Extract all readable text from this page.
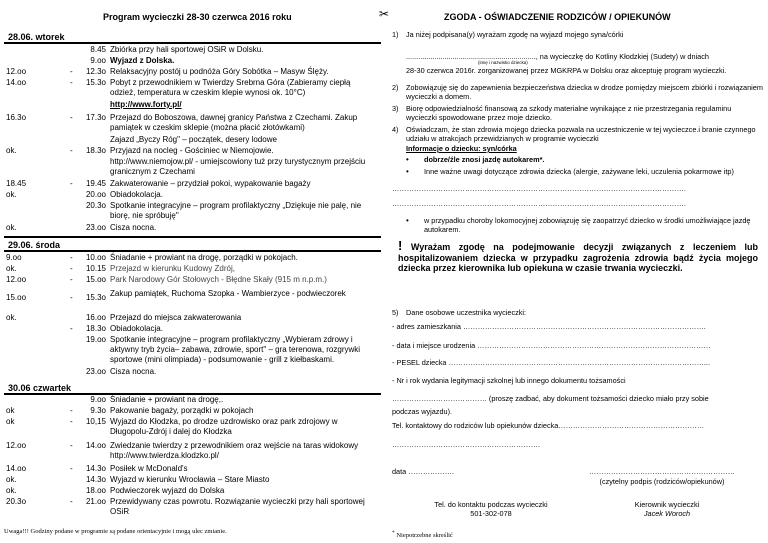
Program wycieczki 28-30 czerwca 2016 roku
28.06. wtorek
8.45 Zbiórka przy hali sportowej OSiR w Dolsku.
9.oo Wyjazd z Dolska.
12.oo	-	12.3o Relaksacyjny postój u podnóża Góry Sobótka – Masyw Ślęży.
14.oo	-	15.3o Pobyt z przewodnikiem w Twierdzy Srebrna Góra (Zabieramy ciepłą odzież, temperatura w czeskim klepie wynosi ok. 10°C)
http://www.forty.pl/
16.3o	-	17.3o Przejazd do Boboszowa, dawnej granicy Państwa z Czechami. Zakup pamiątek w czeskim sklepie (można płacić złotówkami)
Zajazd „Byczy Róg" – początek, desery lodowe
ok.	-	18.3o Przyjazd na nocleg - Gościniec w Niemojowie.
http://www.niemojow.pl/ - umiejscowiony tuż przy turystycznym przejściu granicznym z Czechami
18.45	-	19.45 Zakwaterowanie – przydział pokoi, wypakowanie bagaży
ok.	20.oo Obiadokolacja.
20.3o Spotkanie integracyjne – program profilaktyczny „Dziękuje nie palę, nie biorę, nie spróbuję"
ok.	23.oo Cisza nocna.
29.06. środa
9.oo	-	10.oo Śniadanie + prowiant na drogę, porządki w pokojach.
ok.	-	10.15 Przejazd w kierunku Kudowy Zdrój,
12.oo	-	15.oo Park Narodowy Gór Stołowych - Błędne Skały (915 m n.p.m.)
15.oo	-	15.3o Zakup pamiątek, Ruchoma Szopka - Wambierzyce - podwieczorek
ok.	16.oo Przejazd do miejsca zakwaterowania
-	18.3o Obiadokolacja.
19.oo Spotkanie integracyjne – program profilaktyczny „Wybieram zdrowy i aktywny tryb życia– zabawa, zdrowie, sport" – gra terenowa, rozgrywki sportowe (mini olimpiada) - podsumowanie - grill z kiełbaskami.
23.oo Cisza nocna.
30.06 czwartek
9.oo Śniadanie + prowiant na drogę,.
ok	-	9.3o Pakowanie bagaży, porządki w pokojach
ok	-	10,15 Wyjazd do Kłodzka, po drodze uzdrowisko oraz park zdrojowy w Długopolu-Zdrój i dalej do Kłodzka
12.oo	-	14.oo Zwiedzanie twierdzy z przewodnikiem oraz wejście na taras widokowy http://www.twierdza.klodzko.pl/
14.oo	-	14.3o Posiłek w McDonald's
ok.	14.3o Wyjazd w kierunku Wrocławia – Stare Miasto
ok.	18.oo Podwieczorek wyjazd do Dolska
20.3o	-	21.oo Przewidywany czas powrotu. Rozwiązanie wycieczki przy hali sportowej OSiR
Uwaga!!! Godziny podane w programie są podane orientacyjnie i mogą ulec zmianie.
✂	ZGODA - OŚWIADCZENIE RODZICÓW / OPIEKUNÓW
1) Ja niżej podpisana(y) wyrażam zgodę na wyjazd mojego syna/córki
................................................................, na wycieczkę do Kotliny Kłodzkiej (Sudety) w dniach
(imię i nazwisko dziecka)
28-30 czerwca 2016r. zorganizowanej przez MGKRPA w Dolsku oraz akceptuję program wycieczki.
2) Zobowiązuję się do zapewnienia bezpieczeństwa dziecka w drodze pomiędzy miejscem zbiórki i rozwiązaniem wycieczki a domem.
3) Biorę odpowiedzialność finansową za szkody materialne wynikające z nie przestrzegania regulaminu wycieczki spowodowane przez moje dziecko.
4) Oświadczam, że stan zdrowia mojego dziecka pozwala na uczestniczenie w tej wycieczce.i branie czynnego udziału w atrakcjach przewidzianych w programie wycieczki
Informacje o dziecku: syn/córka
• dobrze/źle znosi jazdę autokarem*.
• Inne ważne uwagi dotyczące zdrowia dziecka (alergie, zażywane leki, uczulenia pokarmowe itp)
………………………………………………………………………………………………………….
………………………………………………………………………………………………………….
• w przypadku choroby lokomocyjnej zobowiązuję się zaopatrzyć dziecko w środki umożliwiające jazdę autokarem.
! Wyrażam zgodę na podejmowanie decyzji związanych z leczeniem lub hospitalizowaniem dziecka w przypadku zagrożenia zdrowia bądź życia mojego dziecka przez kierownika lub opiekuna w czasie trwania wycieczki.
5) Dane osobowe uczestnika wycieczki:
- adres zamieszkania ……………………………………………………………………………………….
- data i miejsce urodzenia ……………………………………………………………………………………
- PESEL dziecka ……………………………………………………………………………………………...
- Nr i rok wydania legitymacji szkolnej lub innego dokumentu tożsamości
………………………………… (proszę zadbać, aby dokument tożsamości dziecko miało przy sobie
podczas wyjazdu).
Tel. kontaktowy do rodziców lub opiekunów dziecka……………………………………………………
…………………………………………………….
data ……………….	……………………………………………………
(czytelny podpis (rodziców/opiekunów)
Tel. do kontaktu podczas wycieczki
501-302-078
Kierownik wycieczki
Jacek Woroch
* Niepotrzebne skreślić
